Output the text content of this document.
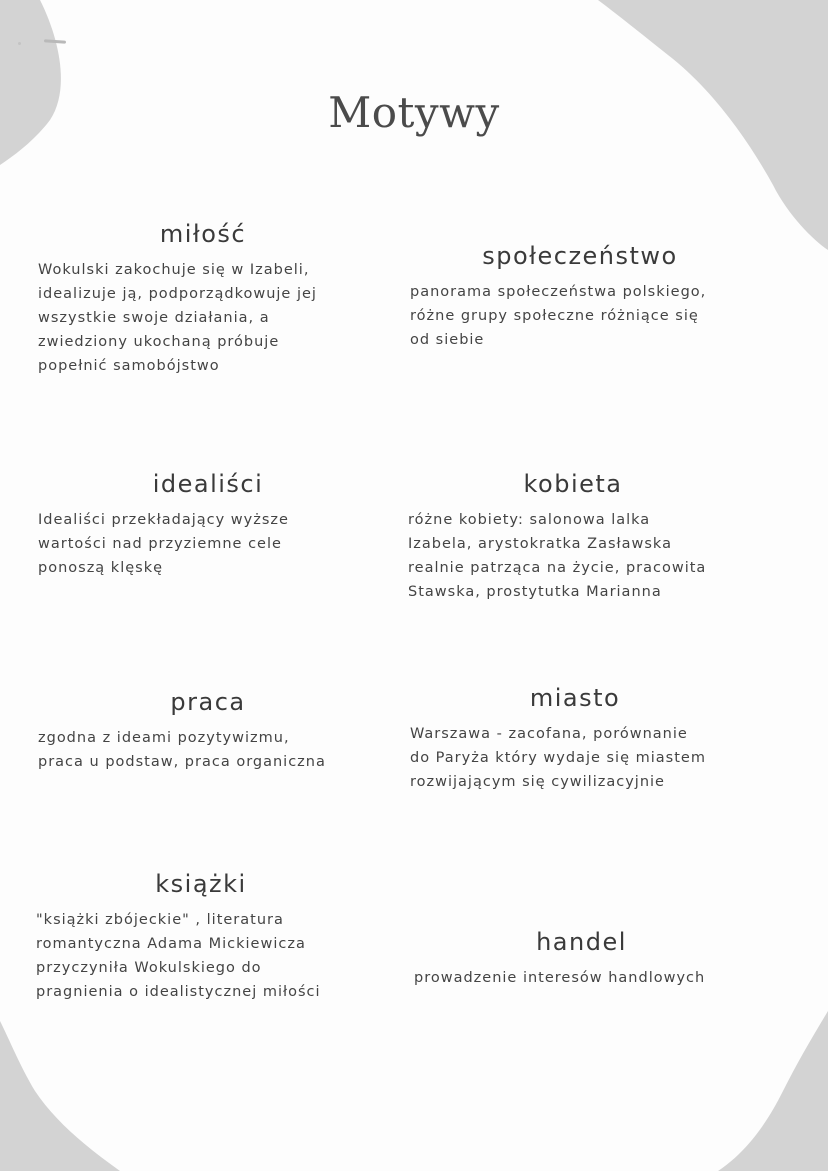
Motywy
miłość
Wokulski zakochuje się w Izabeli,
idealizuje ją, podporządkowuje jej
wszystkie swoje działania, a
zwiedziony ukochaną próbuje
popełnić samobójstwo
idealiści
Idealiści przekładający wyższe
wartości nad przyziemne cele
ponoszą klęskę
praca
zgodna z ideami pozytywizmu,
praca u podstaw, praca organiczna
książki
"książki zbójeckie" , literatura
romantyczna Adama Mickiewicza
przyczyniła Wokulskiego do
pragnienia o idealistycznej miłości
społeczeństwo
panorama społeczeństwa polskiego,
różne grupy społeczne różniące się
od siebie
kobieta
różne kobiety: salonowa lalka
Izabela, arystokratka Zasławska
realnie patrząca na życie, pracowita
Stawska, prostytutka Marianna
miasto
Warszawa - zacofana, porównanie
do Paryża który wydaje się miastem
rozwijającym się cywilizacyjnie
handel
prowadzenie interesów handlowych
